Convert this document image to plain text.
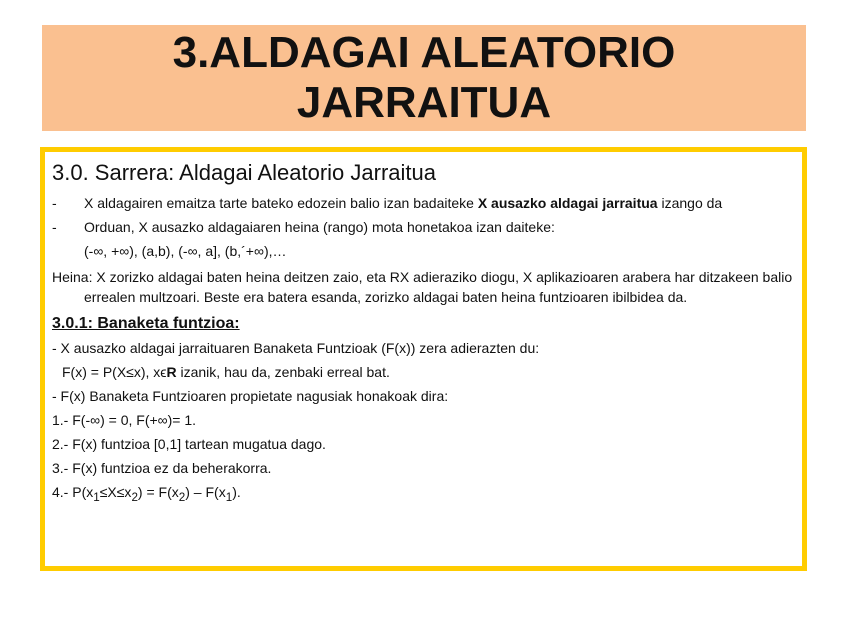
3.ALDAGAI ALEATORIO
JARRAITUA
3.0. Sarrera: Aldagai Aleatorio Jarraitua
-	X aldagairen emaitza tarte bateko edozein balio izan badaiteke X ausazko aldagai jarraitua izango da
-	Orduan, X ausazko aldagaiaren heina (rango) mota honetakoa izan daiteke:
(-∞, +∞), (a,b), (-∞, a], (b,´+∞),…
Heina: X zorizko aldagai baten heina deitzen zaio, eta RX adieraziko diogu, X aplikazioaren arabera har ditzakeen balio errealen multzoari. Beste era batera esanda, zorizko aldagai baten heina funtzioaren ibilbidea da.
3.0.1: Banaketa funtzioa:
- X ausazko aldagai jarraituaren Banaketa Funtzioak (F(x)) zera adierazten du:
F(x) = P(X≤x), xϵR izanik, hau da, zenbaki erreal bat.
- F(x) Banaketa Funtzioaren propietate nagusiak honakoak dira:
1.- F(-∞) = 0, F(+∞)= 1.
2.- F(x) funtzioa [0,1] tartean mugatua dago.
3.- F(x) funtzioa ez da beherakorra.
4.- $P(x_1\le X\le x_2) = F(x_2) - F(x_1)$.
